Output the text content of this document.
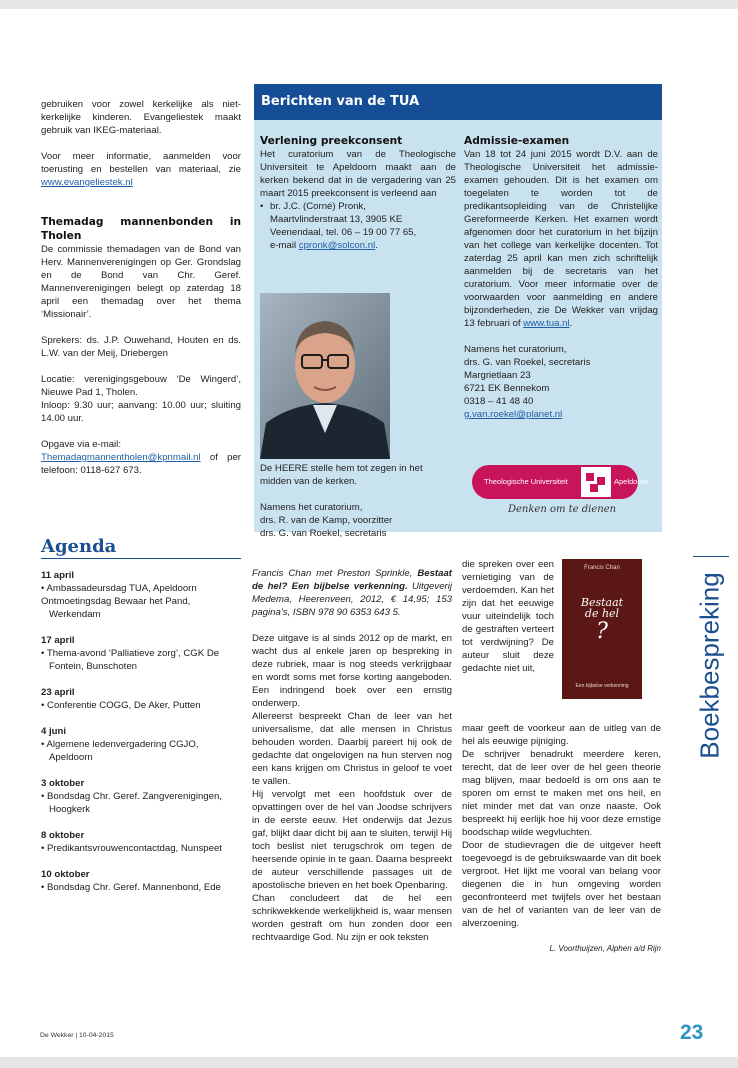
gebruiken voor zowel kerkelijke als niet-kerkelijke kinderen. Evangeliestek maakt gebruik van IKEG-materiaal.

Voor meer informatie, aanmelden voor toerusting en bestellen van materiaal, zie www.evangeliestek.nl

Themadag mannenbonden in Tholen

De commissie themadagen van de Bond van Herv. Mannenverenigingen op Ger. Grondslag en de Bond van Chr. Geref. Mannenverenigingen belegt op zaterdag 18 april een themadag over het thema ‘Missionair’.

Sprekers: ds. J.P. Ouwehand, Houten en ds. L.W. van der Meij, Driebergen

Locatie: verenigingsgebouw ‘De Wingerd’, Nieuwe Pad 1, Tholen.
Inloop: 9.30 uur; aanvang: 10.00 uur; sluiting 14.00 uur.

Opgave via e-mail:
Themadagmannentholen@kpnmail.nl of per telefoon: 0118-627 673.

Berichten van de TUA
Verlening preekconsent
Het curatorium van de Theologische Universiteit te Apeldoorn maakt aan de kerken bekend dat in de vergadering van 25 maart 2015 preekconsent is verleend aan
• br. J.C. (Corné) Pronk,
Maartvlinderstraat 13, 3905 KE
Veenendaal, tel. 06 – 19 00 77 65,
e-mail cpronk@solcon.nl.

De HEERE stelle hem tot zegen in het midden van de kerken.

Namens het curatorium,
drs. R. van de Kamp, voorzitter
drs. G. van Roekel, secretaris
Admissie-examen

Van 18 tot 24 juni 2015 wordt D.V. aan de Theologische Universiteit het admissie-examen gehouden. Dit is het examen om toegelaten te worden tot de predikantsopleiding van de Christelijke Gereformeerde Kerken. Het examen wordt afgenomen door het curatorium in het bijzijn van het college van kerkelijke docenten. Tot zaterdag 25 april kan men zich schriftelijk aanmelden bij de secretaris van het curatorium. Voor meer informatie over de voorwaarden voor aanmelding en andere bijzonderheden, zie De Wekker van vrijdag 13 februari of www.tua.nl.

Namens het curatorium,
drs. G. van Roekel, secretaris
Margrietlaan 23
6721 EK Bennekom
0318 – 41 48 40
g.van.roekel@planet.nl
Theologische Universiteit	Apeldoorn
Denken om te dienen
Agenda
11 april
• Ambassadeursdag TUA, Apeldoorn
Ontmoetingsdag Bewaar het Pand, Werkendam
17 april
• Thema-avond ‘Palliatieve zorg’, CGK De Fontein, Bunschoten
23 april
• Conferentie COGG, De Aker, Putten
4 juni
• Algemene ledenvergadering CGJO, Apeldoorn
3 oktober
• Bondsdag Chr. Geref. Zangverenigingen, Hoogkerk
8 oktober
• Predikantsvrouwencontactdag, Nunspeet
10 oktober
• Bondsdag Chr. Geref. Mannenbond, Ede

Francis Chan met Preston Sprinkle, Bestaat de hel? Een bijbelse verkenning. Uitgeverij Medema, Heerenveen, 2012, € 14,95; 153 pagina’s, ISBN 978 90 6353 643 5.

Deze uitgave is al sinds 2012 op de markt, en wacht dus al enkele jaren op bespreking in deze rubriek, maar is nog steeds verkrijgbaar en wordt soms met forse korting aangeboden. Een indringend boek over een ernstig onderwerp.
Allereerst bespreekt Chan de leer van het universalisme, dat alle mensen in Christus behouden worden. Daarbij pareert hij ook de gedachte dat ongelovigen na hun sterven nog een kans krijgen om Christus in geloof te voet te vallen.
Hij vervolgt met een hoofdstuk over de opvattingen over de hel van Joodse schrijvers in de eerste eeuw. Het onderwijs dat Jezus gaf, blijkt daar dicht bij aan te sluiten, terwijl Hij toch beslist niet terugschrok om tegen de heersende opinie in te gaan. Daarna bespreekt de auteur verschillende passages uit de apostolische brieven en het boek Openbaring.
Chan concludeert dat de hel een schrikwekkende werkelijkheid is, waar mensen worden gestraft om hun zonden door een rechtvaardige God. Nu zijn er ook teksten
die spreken over een vernietiging van de verdoemden. Kan het zijn dat het eeuwige vuur uiteindelijk toch de gestraften verteert tot verdwijning? De auteur sluit deze gedachte niet uit,
maar geeft de voorkeur aan de uitleg van de hel als eeuwige pijniging.
De schrijver benadrukt meerdere keren, terecht, dat de leer over de hel geen theorie mag blijven, maar bedoeld is om ons aan te sporen om ernst te maken met ons heil, en niet minder met dat van onze naaste. Ook bespreekt hij eerlijk hoe hij voor deze ernstige boodschap wilde wegvluchten.
Door de studievragen die de uitgever heeft toegevoegd is de gebruikswaarde van dit boek vergroot. Het lijkt me vooral van belang voor diegenen die in hun omgeving worden geconfronteerd met twijfels over het bestaan van de hel of varianten van de leer van de alverzoening.
L. Voorthuijzen, Alphen a/d Rijn
Francis Chan
Bestaat
de hel
?
Een bijbelse verkenning	Boekbespreking
De Wekker | 10-04-2015	23
